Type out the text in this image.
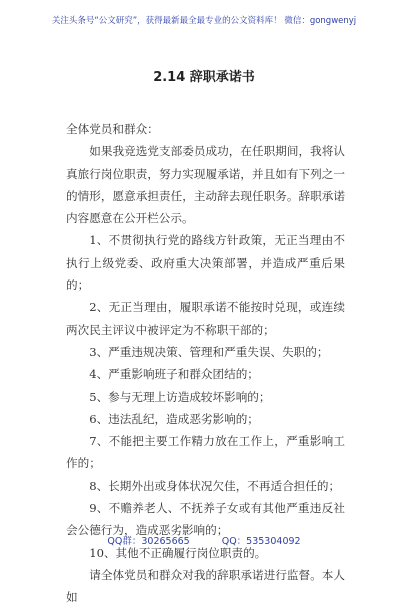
关注头条号“公文研究”，获得最新最全最专业的公文资料库！ 微信：gongwenyj
2.14 辞职承诺书

全体党员和群众：

如果我竞选党支部委员成功，在任职期间，我将认真旅行岗位职责，努力实现履承诺，并且如有下列之一的情形，愿意承担责任，主动辞去现任职务。辞职承诺内容愿意在公开栏公示。

1、不贯彻执行党的路线方针政策，无正当理由不执行上级党委、政府重大决策部署，并造成严重后果的；

2、无正当理由，履职承诺不能按时兑现，或连续两次民主评议中被评定为不称职干部的；

3、严重违规决策、管理和严重失误、失职的；

4、严重影响班子和群众团结的；

5、参与无理上访造成较坏影响的；

6、违法乱纪，造成恶劣影响的；

7、不能把主要工作精力放在工作上，严重影响工作的；

8、长期外出或身体状况欠佳，不再适合担任的；

9、不赡养老人、不抚养子女或有其他严重违反社会公德行为，造成恶劣影响的；

10、其他不正确履行岗位职责的。

请全体党员和群众对我的辞职承诺进行监督。本人如

QQ群：30265665	QQ：535304092
